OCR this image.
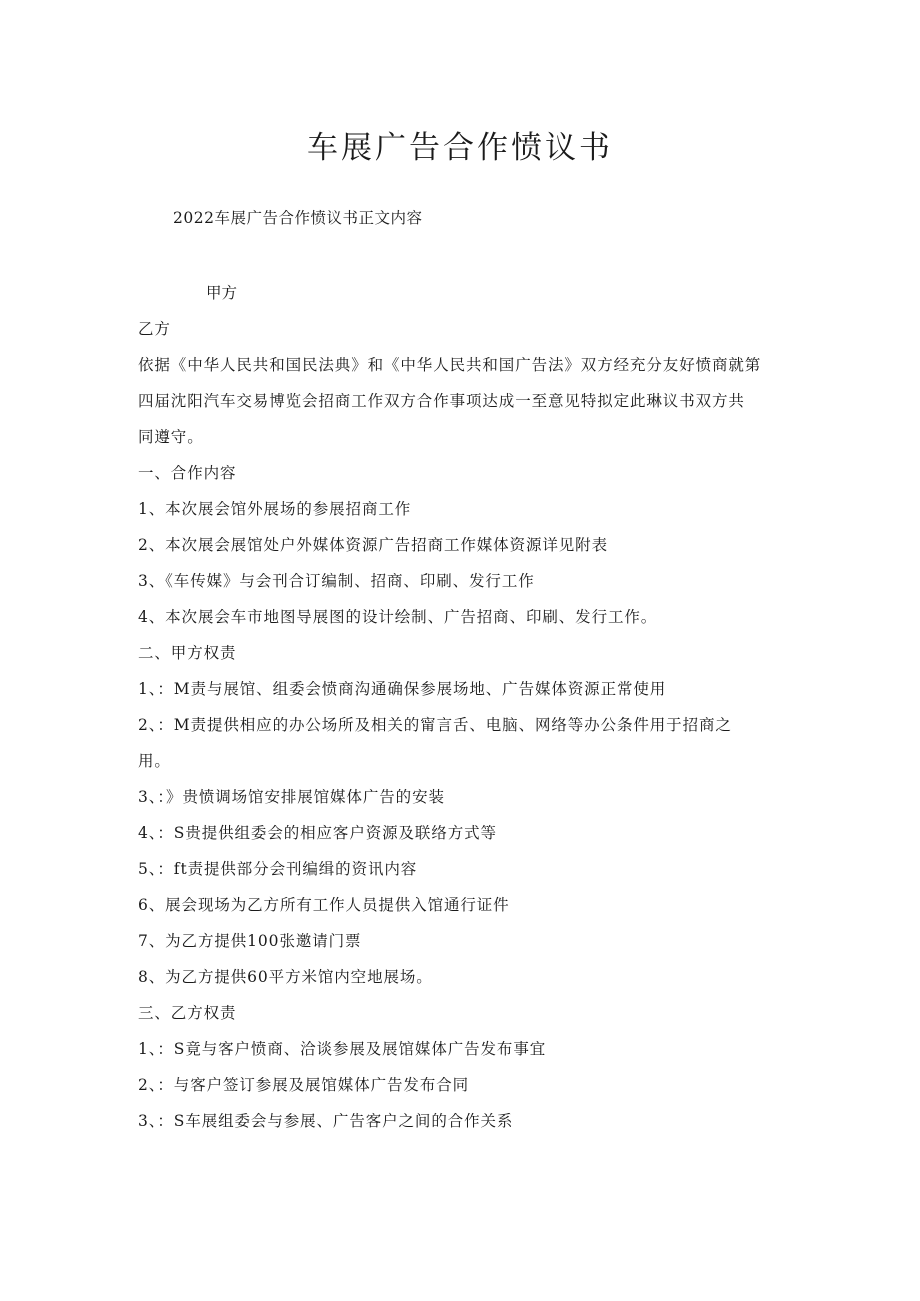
车展广告合作愤议书
2022车展广告合作愤议书正文内容
甲方
乙方
依据《中华人民共和国民法典》和《中华人民共和国广告法》双方经充分友好愤商就第
四届沈阳汽车交易博览会招商工作双方合作事项达成一至意见特拟定此琳议书双方共
同遵守。
一、合作内容
1、本次展会馆外展场的参展招商工作
2、本次展会展馆处户外媒体资源广告招商工作媒体资源详见附表
3、《车传媒》与会刊合订编制、招商、印刷、发行工作
4、本次展会车市地图导展图的设计绘制、广告招商、印刷、发行工作。
二、甲方权责
1、：M责与展馆、组委会愤商沟通确保参展场地、广告媒体资源正常使用
2、：M责提供相应的办公场所及相关的甯言舌、电脑、网络等办公条件用于招商之
用。
3、：》贵愤调场馆安排展馆媒体广告的安装
4、：S贵提供组委会的相应客户资源及联络方式等
5、：ft责提供部分会刊编缉的资讯内容
6、展会现场为乙方所有工作人员提供入馆通行证件
7、为乙方提供100张邀请门票
8、为乙方提供60平方米馆内空地展场。
三、乙方权责
1、：S竟与客户愤商、洽谈参展及展馆媒体广告发布事宜
2、：与客户签订参展及展馆媒体广告发布合同
3、：S车展组委会与参展、广告客户之间的合作关系
